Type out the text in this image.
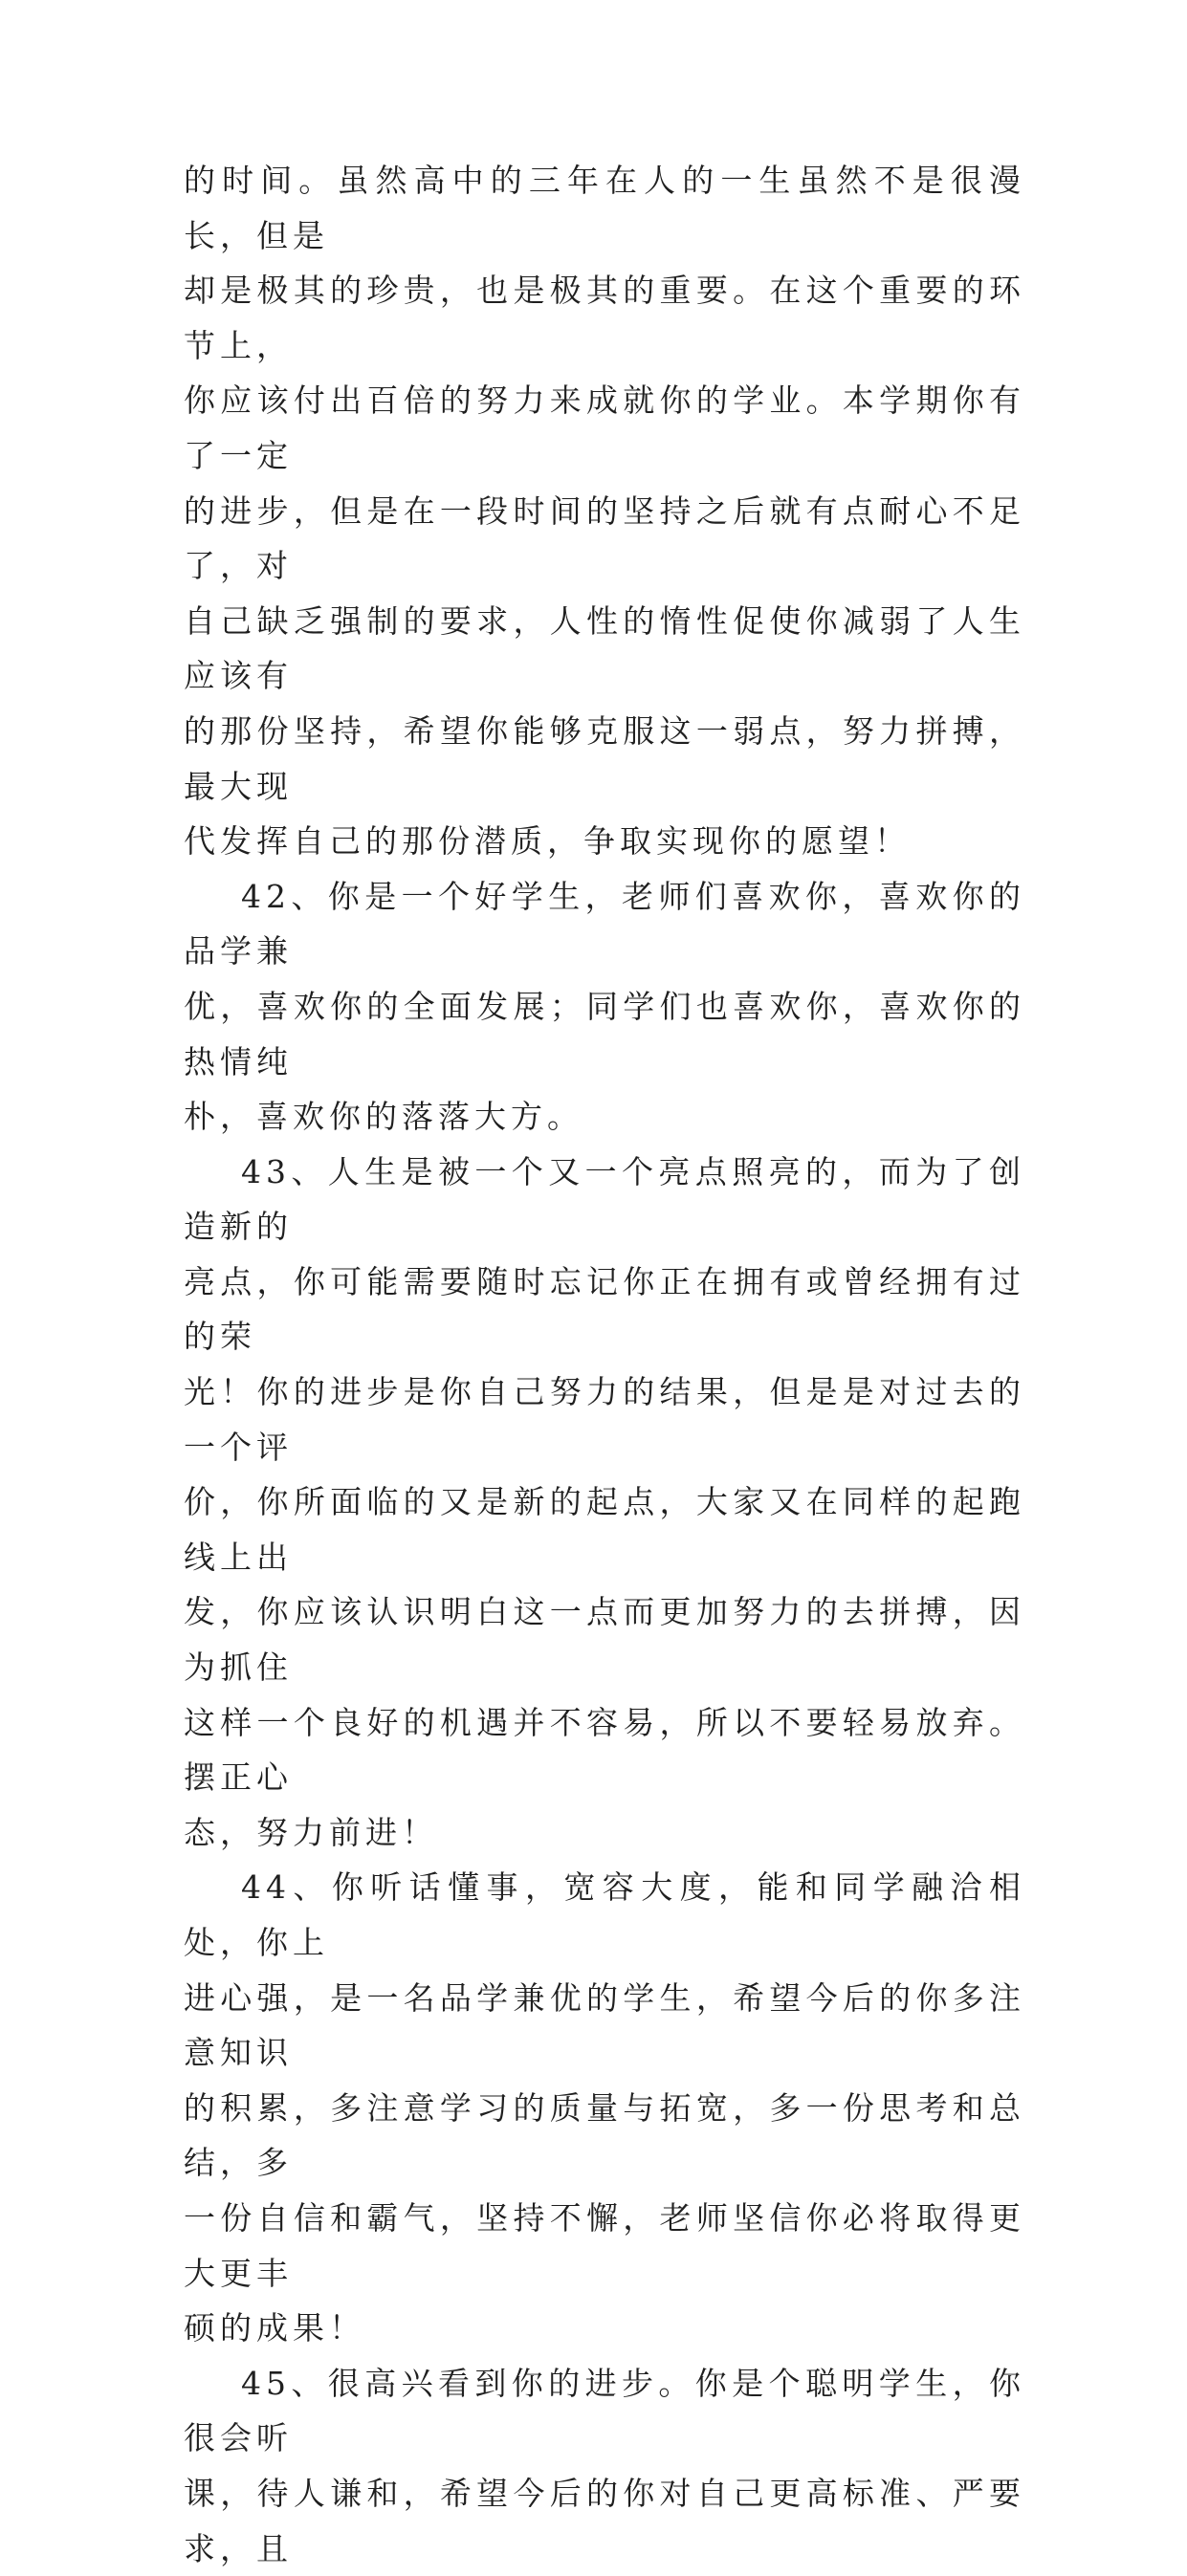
的时间。虽然高中的三年在人的一生虽然不是很漫长，但是
却是极其的珍贵，也是极其的重要。在这个重要的环节上，
你应该付出百倍的努力来成就你的学业。本学期你有了一定
的进步，但是在一段时间的坚持之后就有点耐心不足了，对
自己缺乏强制的要求，人性的惰性促使你减弱了人生应该有
的那份坚持，希望你能够克服这一弱点，努力拼搏，最大现
代发挥自己的那份潜质，争取实现你的愿望！

42、你是一个好学生，老师们喜欢你，喜欢你的品学兼
优，喜欢你的全面发展；同学们也喜欢你，喜欢你的热情纯
朴，喜欢你的落落大方。

43、人生是被一个又一个亮点照亮的，而为了创造新的
亮点，你可能需要随时忘记你正在拥有或曾经拥有过的荣
光！你的进步是你自己努力的结果，但是是对过去的一个评
价，你所面临的又是新的起点，大家又在同样的起跑线上出
发，你应该认识明白这一点而更加努力的去拼搏，因为抓住
这样一个良好的机遇并不容易，所以不要轻易放弃。摆正心
态，努力前进！

44、你听话懂事，宽容大度，能和同学融洽相处，你上
进心强，是一名品学兼优的学生，希望今后的你多注意知识
的积累，多注意学习的质量与拓宽，多一份思考和总结，多
一份自信和霸气，坚持不懈，老师坚信你必将取得更大更丰
硕的成果！

45、很高兴看到你的进步。你是个聪明学生，你很会听
课，待人谦和，希望今后的你对自己更高标准、严要求，且
